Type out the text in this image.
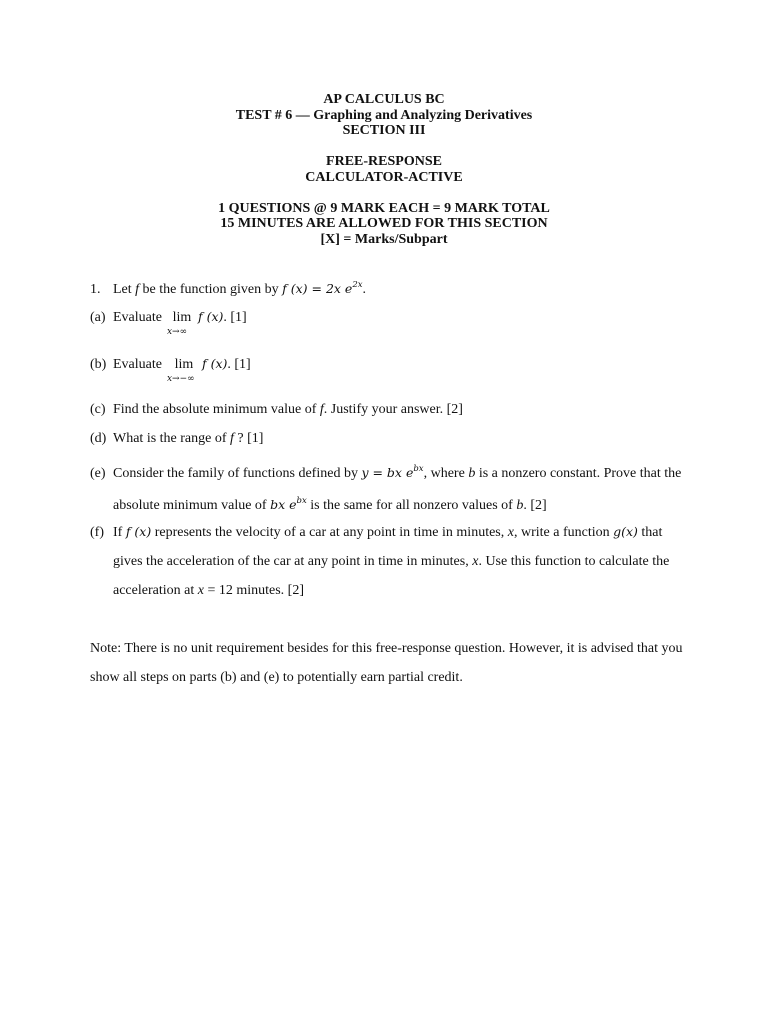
AP CALCULUS BC
TEST # 6 — Graphing and Analyzing Derivatives
SECTION III
FREE-RESPONSE
CALCULATOR-ACTIVE
1 QUESTIONS @ 9 MARK EACH = 9 MARK TOTAL
15 MINUTES ARE ALLOWED FOR THIS SECTION
[X] = Marks/Subpart
1. Let f be the function given by f (x) = 2x $e^{2x}$.
(a) Evaluate lim
x→∞
f (x). [1]
(b) Evaluate lim
x→−∞
f (x). [1]
(c) Find the absolute minimum value of f. Justify your answer. [2]
(d) What is the range of f ? [1]
(e) Consider the family of functions defined by y = bx $e^{bx}$, where b is a nonzero constant. Prove that the
absolute minimum value of bx $e^{bx}$ is the same for all nonzero values of b. [2]
(f) If f (x) represents the velocity of a car at any point in time in minutes, x, write a function g(x) that
gives the acceleration of the car at any point in time in minutes, x. Use this function to calculate the
acceleration at x = 12 minutes. [2]
Note: There is no unit requirement besides for this free-response question. However, it is advised that you
show all steps on parts (b) and (e) to potentially earn partial credit.
